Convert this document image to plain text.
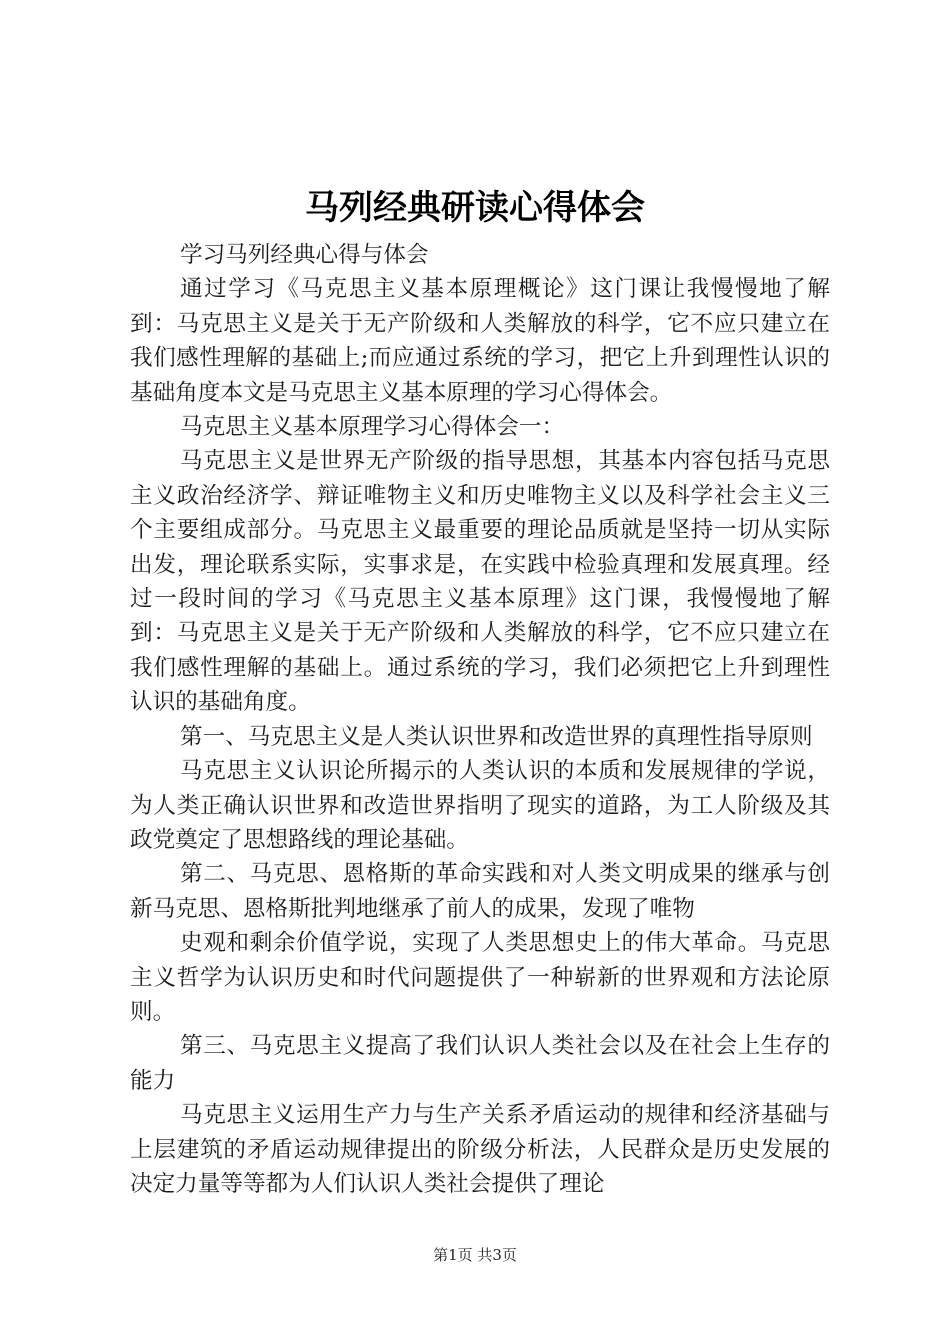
马列经典研读心得体会

学习马列经典心得与体会

通过学习《马克思主义基本原理概论》这门课让我慢慢地了解到：马克思主义是关于无产阶级和人类解放的科学，它不应只建立在我们感性理解的基础上;而应通过系统的学习，把它上升到理性认识的基础角度本文是马克思主义基本原理的学习心得体会。

马克思主义基本原理学习心得体会一：

马克思主义是世界无产阶级的指导思想，其基本内容包括马克思主义政治经济学、辩证唯物主义和历史唯物主义以及科学社会主义三个主要组成部分。马克思主义最重要的理论品质就是坚持一切从实际出发，理论联系实际，实事求是，在实践中检验真理和发展真理。经过一段时间的学习《马克思主义基本原理》这门课，我慢慢地了解到：马克思主义是关于无产阶级和人类解放的科学，它不应只建立在我们感性理解的基础上。通过系统的学习，我们必须把它上升到理性认识的基础角度。

第一、马克思主义是人类认识世界和改造世界的真理性指导原则

马克思主义认识论所揭示的人类认识的本质和发展规律的学说，为人类正确认识世界和改造世界指明了现实的道路，为工人阶级及其政党奠定了思想路线的理论基础。

第二、马克思、恩格斯的革命实践和对人类文明成果的继承与创新马克思、恩格斯批判地继承了前人的成果，发现了唯物

史观和剩余价值学说，实现了人类思想史上的伟大革命。马克思主义哲学为认识历史和时代问题提供了一种崭新的世界观和方法论原则。

第三、马克思主义提高了我们认识人类社会以及在社会上生存的能力

马克思主义运用生产力与生产关系矛盾运动的规律和经济基础与上层建筑的矛盾运动规律提出的阶级分析法，人民群众是历史发展的决定力量等等都为人们认识人类社会提供了理论

第1页 共3页
